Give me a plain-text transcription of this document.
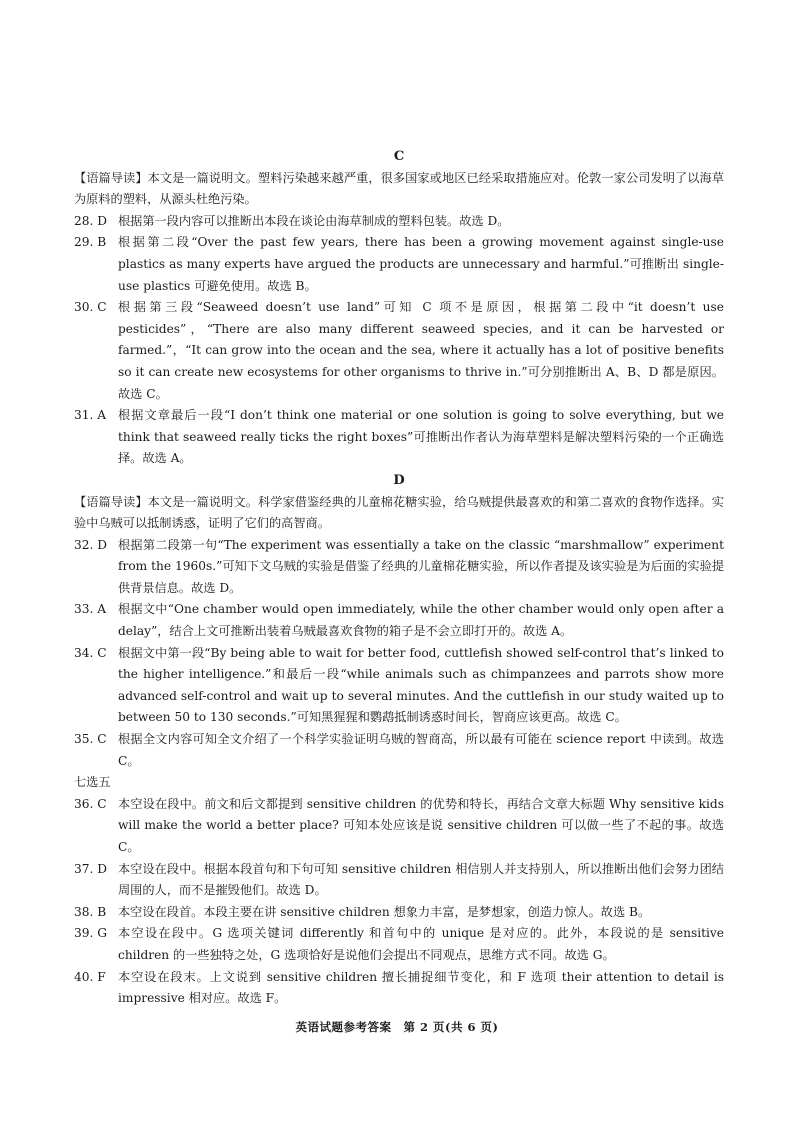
C

【语篇导读】本文是一篇说明文。塑料污染越来越严重，很多国家或地区已经采取措施应对。伦敦一家公司发明了以海草为原料的塑料，从源头杜绝污染。

28. D 根据第一段内容可以推断出本段在谈论由海草制成的塑料包装。故选 D。
29. B 根据第二段“Over the past few years, there has been a growing movement against single-use plastics as many experts have argued the products are unnecessary and harmful.”可推断出 single-use plastics 可避免使用。故选 B。
30. C 根据第三段“Seaweed doesn’t use land”可知 C 项不是原因，根据第二段中“it doesn’t use pesticides”，“There are also many different seaweed species, and it can be harvested or farmed.”，“It can grow into the ocean and the sea, where it actually has a lot of positive benefits so it can create new ecosystems for other organisms to thrive in.”可分别推断出 A、B、D 都是原因。故选 C。
31. A 根据文章最后一段“I don’t think one material or one solution is going to solve everything, but we think that seaweed really ticks the right boxes”可推断出作者认为海草塑料是解决塑料污染的一个正确选择。故选 A。
D

【语篇导读】本文是一篇说明文。科学家借鉴经典的儿童棉花糖实验，给乌贼提供最喜欢的和第二喜欢的食物作选择。实验中乌贼可以抵制诱惑，证明了它们的高智商。

32. D 根据第二段第一句“The experiment was essentially a take on the classic “marshmallow” experiment from the 1960s.”可知下文乌贼的实验是借鉴了经典的儿童棉花糖实验，所以作者提及该实验是为后面的实验提供背景信息。故选 D。
33. A 根据文中“One chamber would open immediately, while the other chamber would only open after a delay”，结合上文可推断出装着乌贼最喜欢食物的箱子是不会立即打开的。故选 A。
34. C 根据文中第一段“By being able to wait for better food, cuttlefish showed self-control that’s linked to the higher intelligence.”和最后一段“while animals such as chimpanzees and parrots show more advanced self-control and wait up to several minutes. And the cuttlefish in our study waited up to between 50 to 130 seconds.”可知黑猩猩和鹦鹉抵制诱惑时间长，智商应该更高。故选 C。
35. C 根据全文内容可知全文介绍了一个科学实验证明乌贼的智商高，所以最有可能在 science report 中读到。故选 C。

七选五

36. C 本空设在段中。前文和后文都提到 sensitive children 的优势和特长，再结合文章大标题 Why sensitive kids will make the world a better place? 可知本处应该是说 sensitive children 可以做一些了不起的事。故选 C。
37. D 本空设在段中。根据本段首句和下句可知 sensitive children 相信别人并支持别人，所以推断出他们会努力团结周围的人，而不是摧毁他们。故选 D。
38. B 本空设在段首。本段主要在讲 sensitive children 想象力丰富，是梦想家，创造力惊人。故选 B。
39. G 本空设在段中。G 选项关键词 differently 和首句中的 unique 是对应的。此外，本段说的是 sensitive children 的一些独特之处，G 选项恰好是说他们会提出不同观点，思维方式不同。故选 G。
40. F	本空设在段末。上文说到 sensitive children 擅长捕捉细节变化，和 F 选项 their attention to detail is impressive 相对应。故选 F。
英语试题参考答案　第 2 页(共 6 页)
